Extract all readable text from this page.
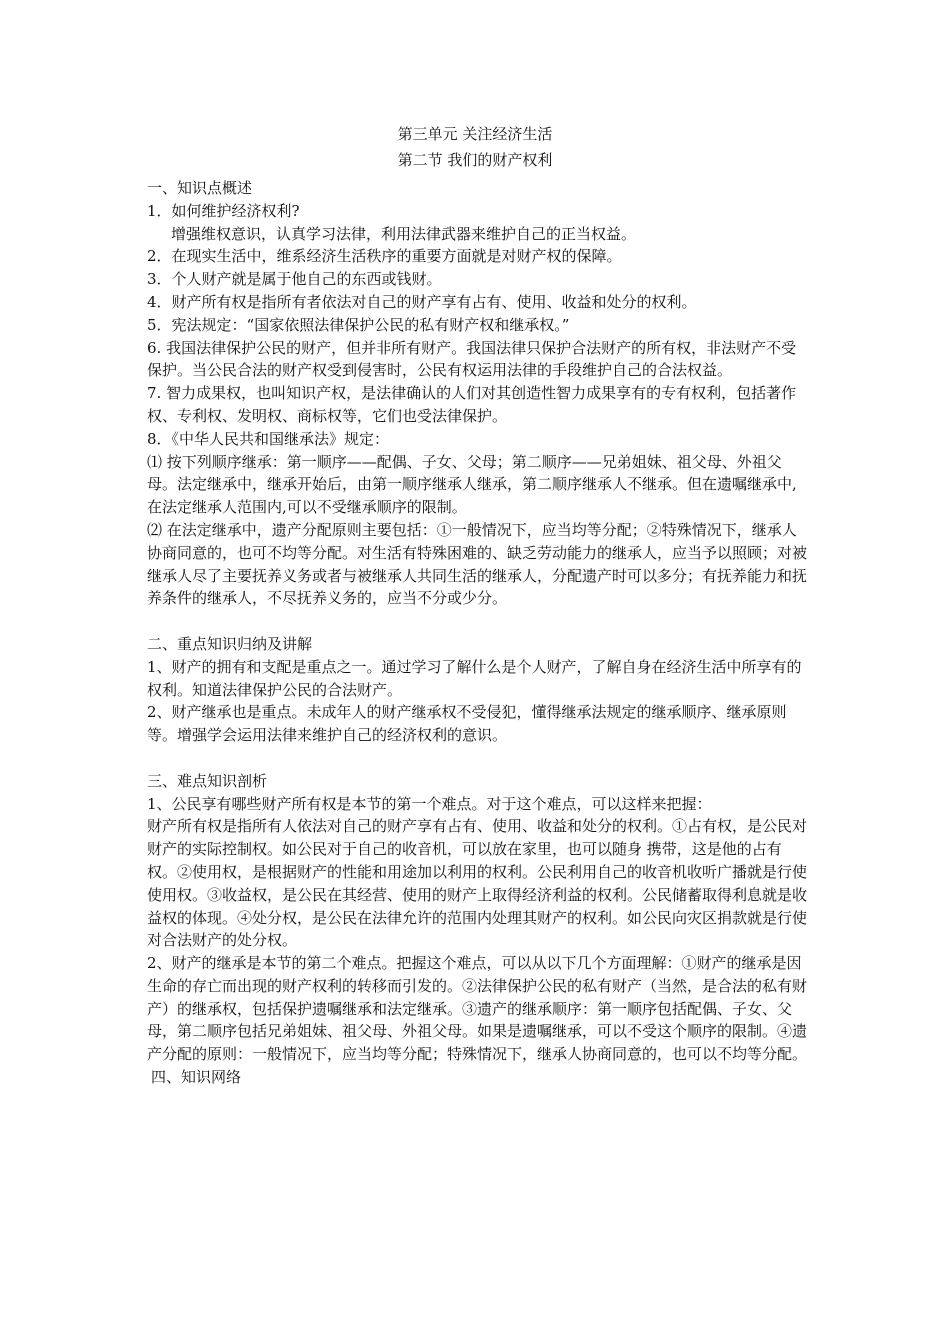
第三单元 关注经济生活
第二节 我们的财产权利

一、知识点概述

1．如何维护经济权利?

增强维权意识，认真学习法律，利用法律武器来维护自己的正当权益。

2．在现实生活中，维系经济生活秩序的重要方面就是对财产权的保障。

3．个人财产就是属于他自己的东西或钱财。

4．财产所有权是指所有者依法对自己的财产享有占有、使用、收益和处分的权利。

5．宪法规定：“国家依照法律保护公民的私有财产权和继承权。”

6. 我国法律保护公民的财产，但并非所有财产。我国法律只保护合法财产的所有权，非法财产不受保护。当公民合法的财产权受到侵害时，公民有权运用法律的手段维护自己的合法权益。

7. 智力成果权，也叫知识产权，是法律确认的人们对其创造性智力成果享有的专有权利，包括著作权、专利权、发明权、商标权等，它们也受法律保护。

8．《中华人民共和国继承法》规定：

⑴ 按下列顺序继承：第一顺序——配偶、子女、父母；第二顺序——兄弟姐妹、祖父母、外祖父母。法定继承中，继承开始后，由第一顺序继承人继承，第二顺序继承人不继承。但在遗嘱继承中,在法定继承人范围内,可以不受继承顺序的限制。

⑵ 在法定继承中，遗产分配原则主要包括：①一般情况下，应当均等分配；②特殊情况下，继承人协商同意的，也可不均等分配。对生活有特殊困难的、缺乏劳动能力的继承人，应当予以照顾；对被继承人尽了主要抚养义务或者与被继承人共同生活的继承人，分配遗产时可以多分；有抚养能力和抚养条件的继承人，不尽抚养义务的，应当不分或少分。

二、重点知识归纳及讲解

1、财产的拥有和支配是重点之一。通过学习了解什么是个人财产，了解自身在经济生活中所享有的权利。知道法律保护公民的合法财产。

2、财产继承也是重点。未成年人的财产继承权不受侵犯，懂得继承法规定的继承顺序、继承原则等。增强学会运用法律来维护自己的经济权利的意识。

三、难点知识剖析

1、公民享有哪些财产所有权是本节的第一个难点。对于这个难点，可以这样来把握：

财产所有权是指所有人依法对自己的财产享有占有、使用、收益和处分的权利。①占有权，是公民对财产的实际控制权。如公民对于自己的收音机，可以放在家里，也可以随身 携带，这是他的占有权。②使用权，是根据财产的性能和用途加以利用的权利。公民利用自己的收音机收听广播就是行使使用权。③收益权，是公民在其经营、使用的财产上取得经济利益的权利。公民储蓄取得利息就是收益权的体现。④处分权，是公民在法律允许的范围内处理其财产的权利。如公民向灾区捐款就是行使对合法财产的处分权。

2、财产的继承是本节的第二个难点。把握这个难点，可以从以下几个方面理解：①财产的继承是因生命的存亡而出现的财产权利的转移而引发的。②法律保护公民的私有财产（当然，是合法的私有财产）的继承权，包括保护遗嘱继承和法定继承。③遗产的继承顺序：第一顺序包括配偶、子女、父母，第二顺序包括兄弟姐妹、祖父母、外祖父母。如果是遗嘱继承，可以不受这个顺序的限制。④遗产分配的原则：一般情况下，应当均等分配；特殊情况下，继承人协商同意的，也可以不均等分配。

四、知识网络
